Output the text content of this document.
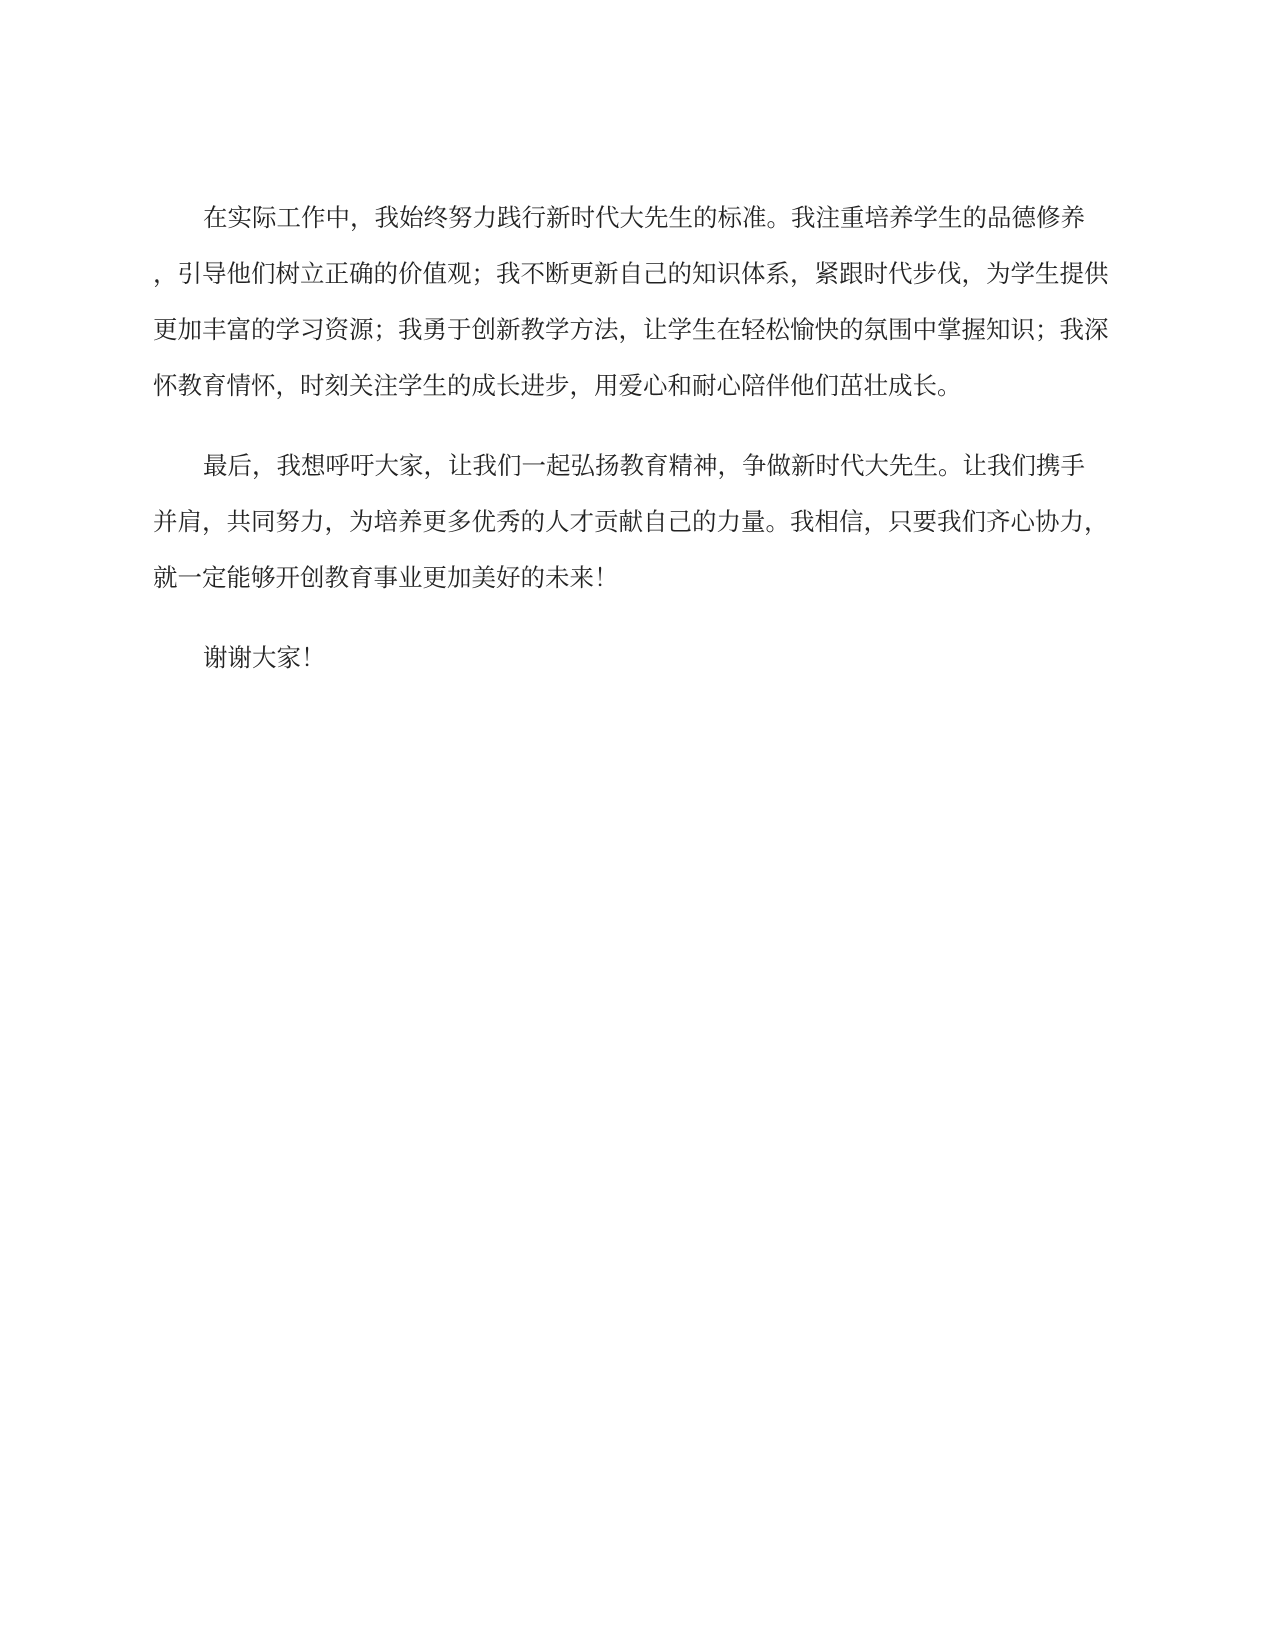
在实际工作中，我始终努力践行新时代大先生的标准。我注重培养学生的品德修养，引导他们树立正确的价值观；我不断更新自己的知识体系，紧跟时代步伐，为学生提供更加丰富的学习资源；我勇于创新教学方法，让学生在轻松愉快的氛围中掌握知识；我深怀教育情怀，时刻关注学生的成长进步，用爱心和耐心陪伴他们茁壮成长。

最后，我想呼吁大家，让我们一起弘扬教育精神，争做新时代大先生。让我们携手并肩，共同努力，为培养更多优秀的人才贡献自己的力量。我相信，只要我们齐心协力，就一定能够开创教育事业更加美好的未来！

谢谢大家！
